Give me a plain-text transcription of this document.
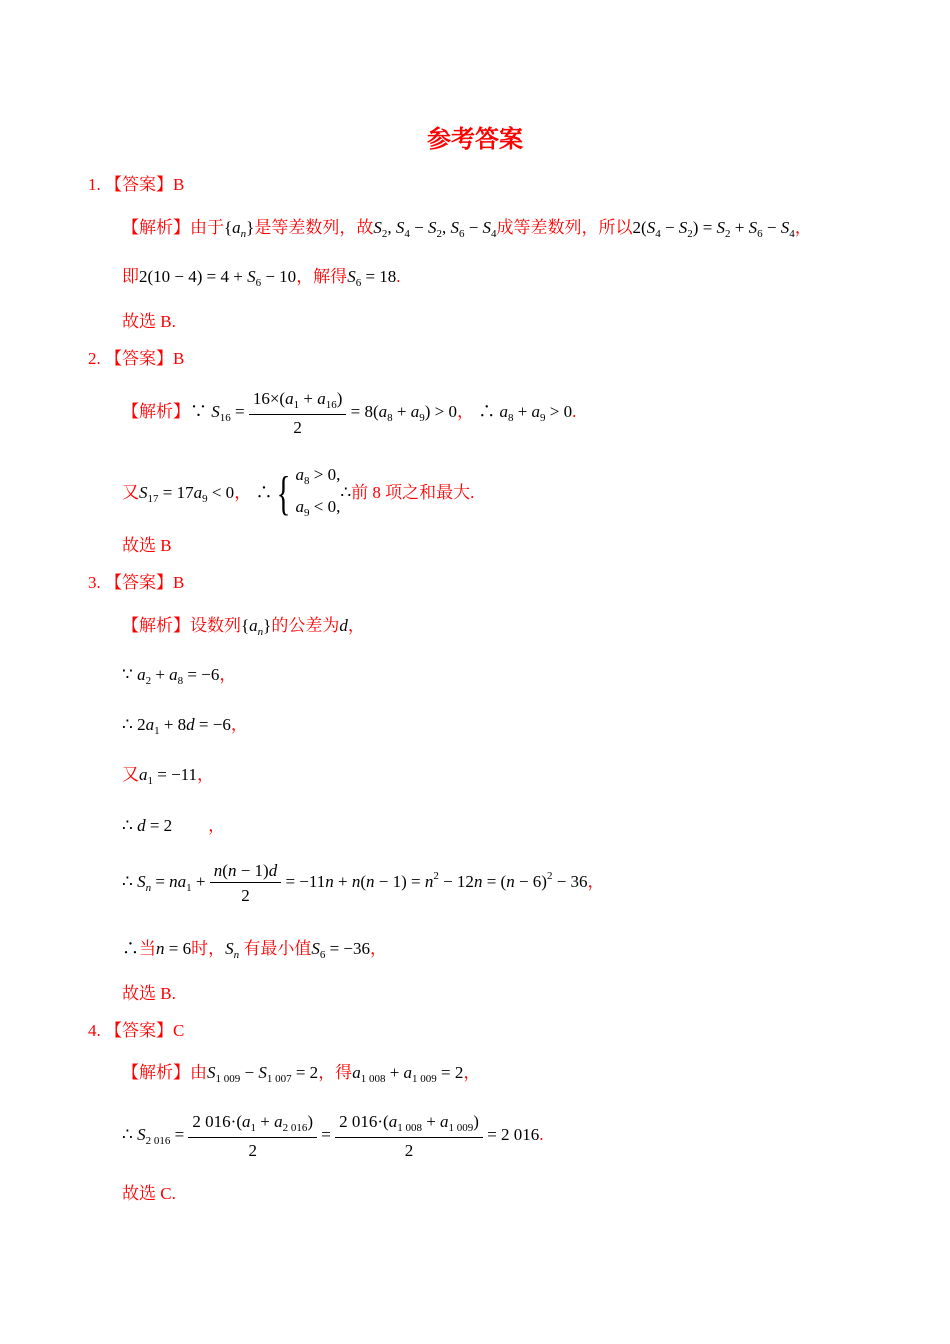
参考答案
1. 【答案】B
【解析】由于$\{a_n\}$是等差数列，故$S_2$, $S_4 - S_2$, $S_6 - S_4$成等差数列，所以$2(S_4 - S_2) = S_2 + S_6 - S_4$，
即$2(10 - 4) = 4 + S_6 - 10$，解得$S_6 = 18$.
故选 B.
2. 【答案】B
【解析】∵ $S_{16} = \frac{16\times(a_1 + a_{16})}{2} = 8(a_8 + a_9) > 0$， ∴ $a_8 + a_9 > 0$.
又$S_{17} = 17a_9 < 0$， ∴{ $a_8 > 0$,
$a_9 < 0$,
∴前 8 项之和最大.
故选 B
3. 【答案】B
【解析】设数列$\{a_n\}$的公差为d，
∵ $a_2 + a_8 = -6$，
∴ $2a_1 + 8d = -6$，
又$a_1 = -11$，
∴ d = 2 ，
∴ $S_n = na_1 + \frac{n(n - 1)d}{2} = -11n + n(n - 1) = n^2 - 12n = (n - 6)^2 - 36$，
∴当n = 6时，$S_n$ 有最小值$S_6 = -36$，
故选 B.
4. 【答案】C
【解析】由$S_{1 009} - S_{1 007} = 2$，得$a_{1 008} + a_{1 009} = 2$，
∴ $S_{2 016} = \frac{2 016\cdot(a_1 + a_{2 016})}{2} = \frac{2 016\cdot(a_{1 008} + a_{1 009})}{2} = 2$ 016.
故选 C.
